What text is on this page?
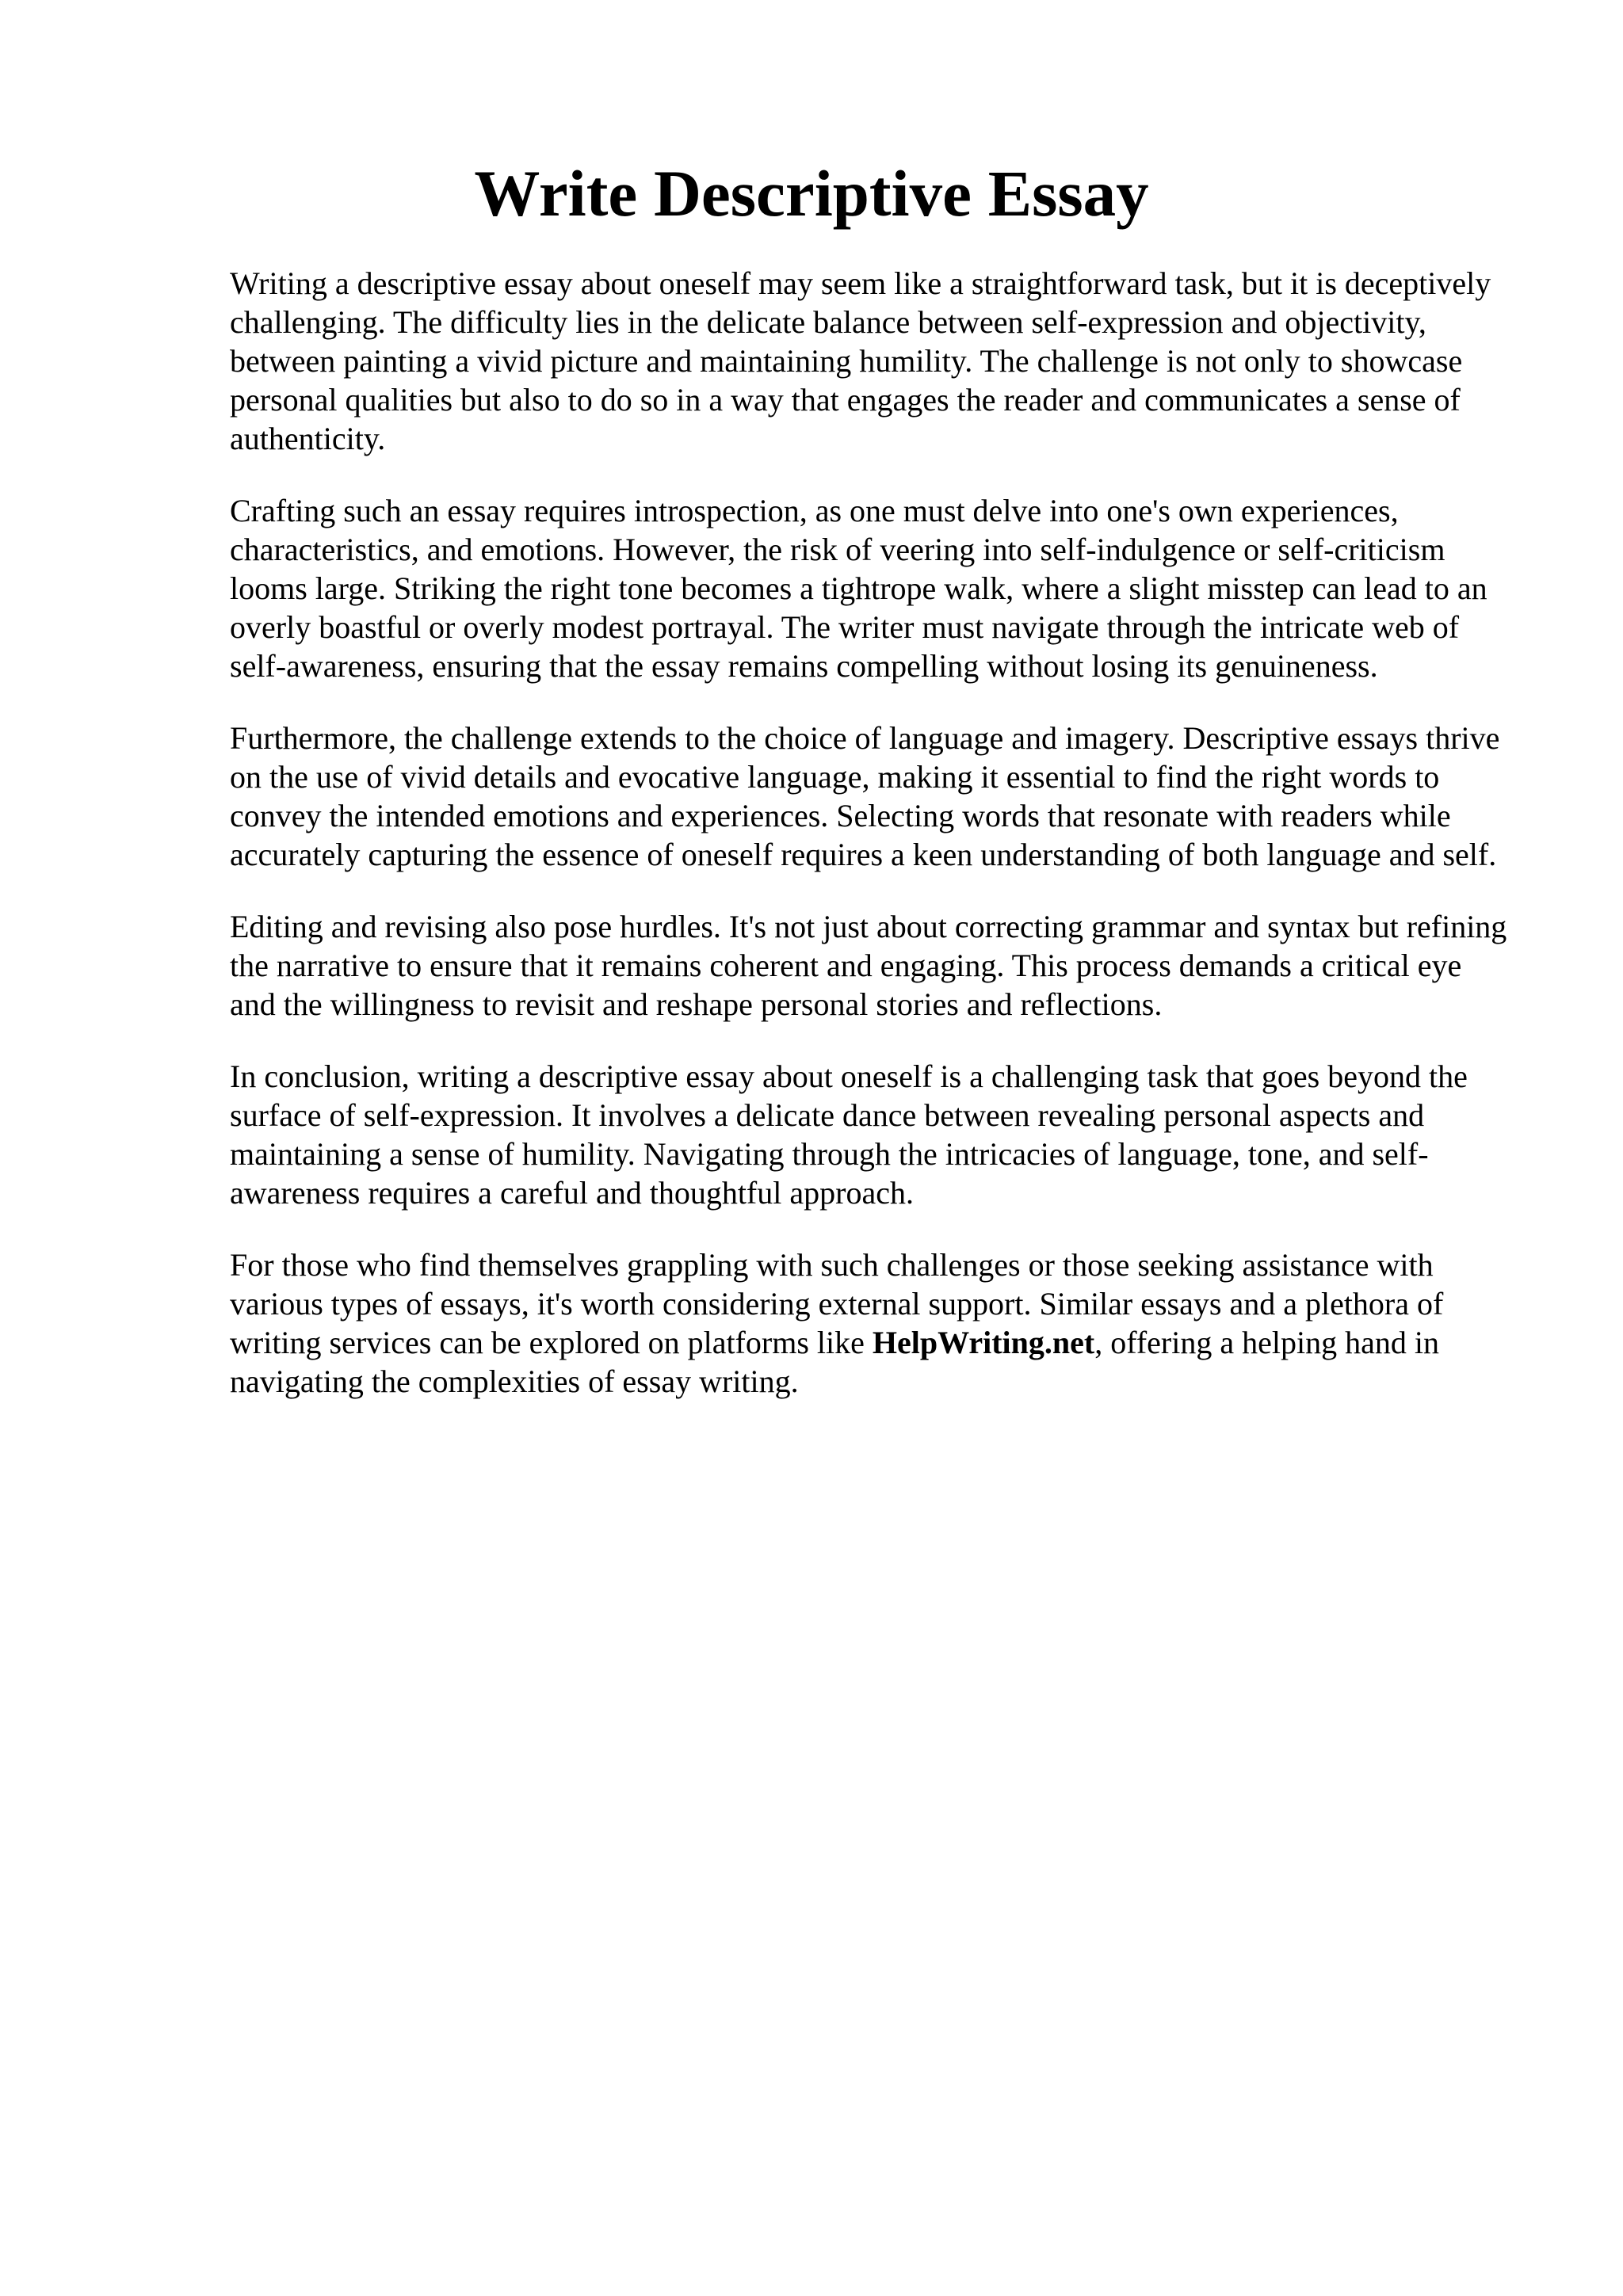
Write Descriptive Essay

Writing a descriptive essay about oneself may seem like a straightforward task, but it is deceptively challenging. The difficulty lies in the delicate balance between self-expression and objectivity, between painting a vivid picture and maintaining humility. The challenge is not only to showcase personal qualities but also to do so in a way that engages the reader and communicates a sense of authenticity.

Crafting such an essay requires introspection, as one must delve into one's own experiences, characteristics, and emotions. However, the risk of veering into self-indulgence or self-criticism looms large. Striking the right tone becomes a tightrope walk, where a slight misstep can lead to an overly boastful or overly modest portrayal. The writer must navigate through the intricate web of self-awareness, ensuring that the essay remains compelling without losing its genuineness.

Furthermore, the challenge extends to the choice of language and imagery. Descriptive essays thrive on the use of vivid details and evocative language, making it essential to find the right words to convey the intended emotions and experiences. Selecting words that resonate with readers while accurately capturing the essence of oneself requires a keen understanding of both language and self.

Editing and revising also pose hurdles. It's not just about correcting grammar and syntax but refining the narrative to ensure that it remains coherent and engaging. This process demands a critical eye and the willingness to revisit and reshape personal stories and reflections.

In conclusion, writing a descriptive essay about oneself is a challenging task that goes beyond the surface of self-expression. It involves a delicate dance between revealing personal aspects and maintaining a sense of humility. Navigating through the intricacies of language, tone, and self-awareness requires a careful and thoughtful approach.

For those who find themselves grappling with such challenges or those seeking assistance with various types of essays, it's worth considering external support. Similar essays and a plethora of writing services can be explored on platforms like HelpWriting.net, offering a helping hand in navigating the complexities of essay writing.
